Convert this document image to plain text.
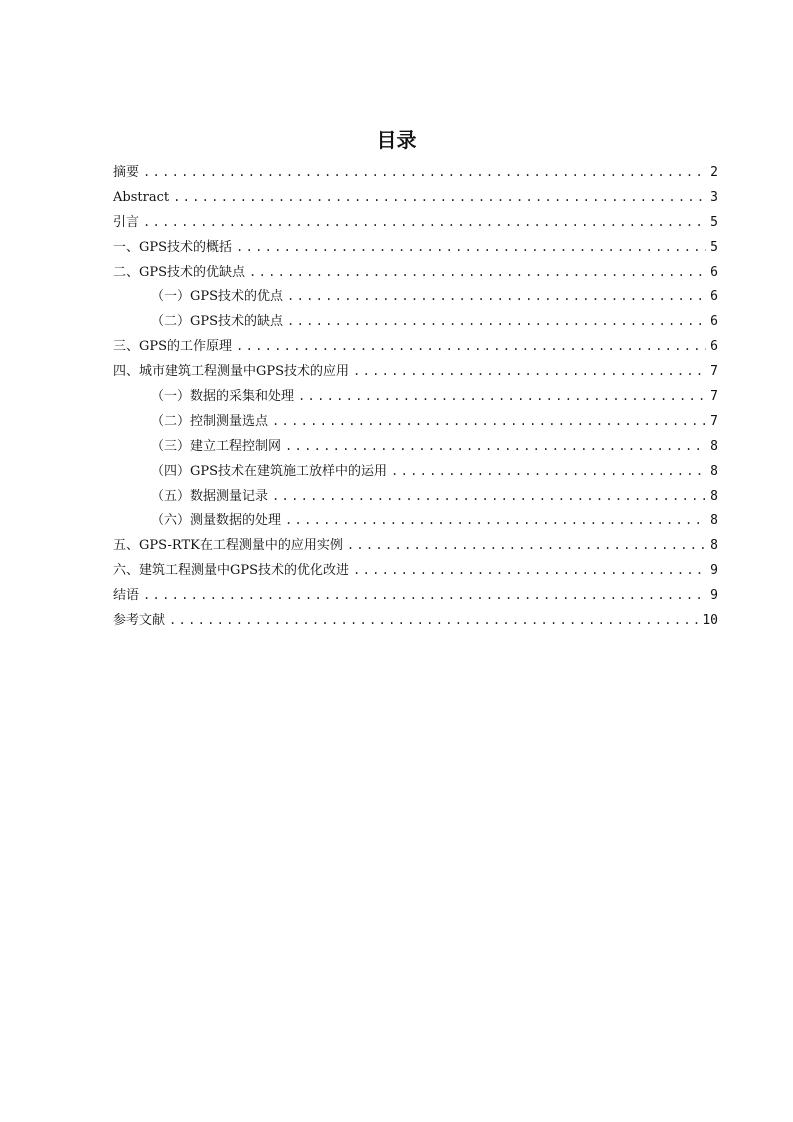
目录
摘要 .....	2
Abstract .....	3
引言 .....	5
一、GPS技术的概括 .....	5
二、GPS技术的优缺点 .....	6
（一）GPS技术的优点 .....	6
（二）GPS技术的缺点 .....	6
三、GPS的工作原理 .....	6
四、城市建筑工程测量中GPS技术的应用 .....	7
（一）数据的采集和处理 .....	7
（二）控制测量选点 .....	7
（三）建立工程控制网 .....	8
（四）GPS技术在建筑施工放样中的运用 .....	8
（五）数据测量记录 .....	8
（六）测量数据的处理 .....	8
五、GPS-RTK在工程测量中的应用实例 .....	8
六、建筑工程测量中GPS技术的优化改进 .....	9
结语 .....	9
参考文献 .....	10
